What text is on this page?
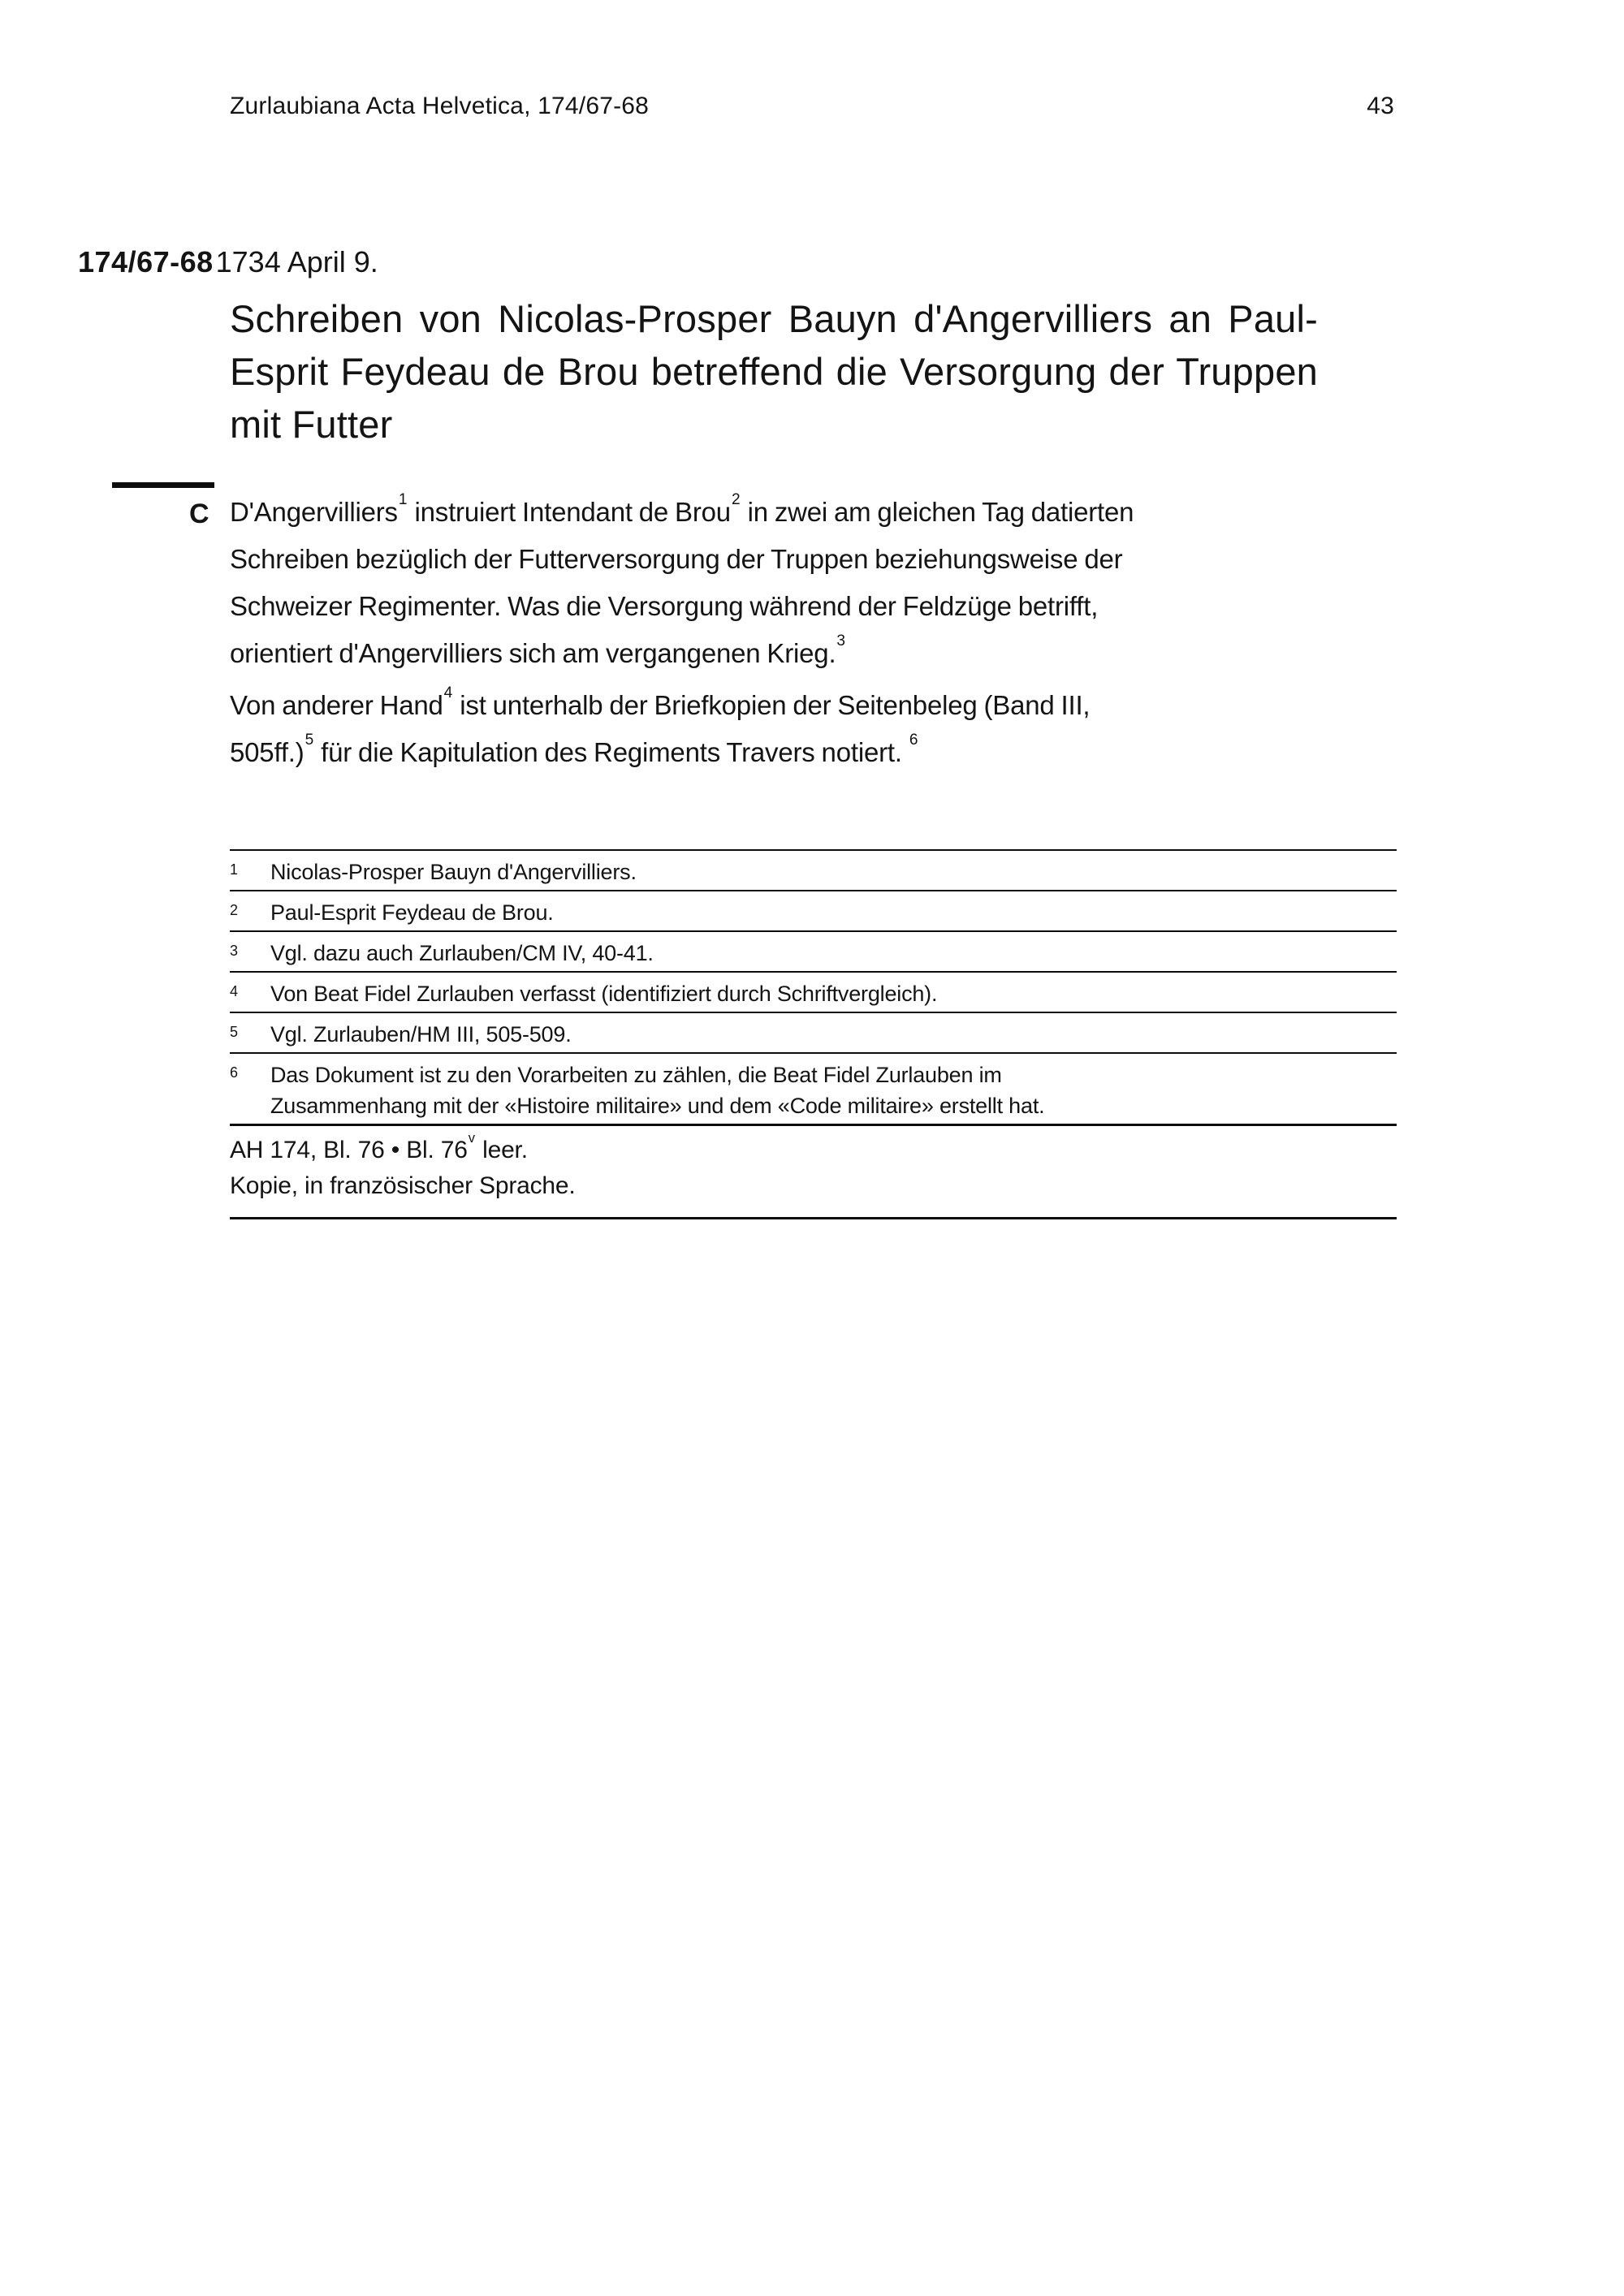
Zurlaubiana Acta Helvetica, 174/67-68	43
174/67-681734 April 9.
Schreiben von Nicolas-Prosper Bauyn d'Angervilliers an Paul-
Esprit Feydeau de Brou betreffend die Versorgung der Truppen
mit Futter
C D'Angervilliers$^1$ instruiert Intendant de Brou$^2$ in zwei am gleichen Tag datierten
Schreiben bezüglich der Futterversorgung der Truppen beziehungsweise der
Schweizer Regimenter. Was die Versorgung während der Feldzüge betrifft,
orientiert d'Angervilliers sich am vergangenen Krieg.$^3$
Von anderer Hand$^4$ ist unterhalb der Briefkopien der Seitenbeleg (Band III,
505ff.)$^5$ für die Kapitulation des Regiments Travers notiert. $^6$
1	Nicolas-Prosper Bauyn d'Angervilliers.
2	Paul-Esprit Feydeau de Brou.
3	Vgl. dazu auch Zurlauben/CM IV, 40-41.
4	Von Beat Fidel Zurlauben verfasst (identifiziert durch Schriftvergleich).
5	Vgl. Zurlauben/HM III, 505-509.
6	Das Dokument ist zu den Vorarbeiten zu zählen, die Beat Fidel Zurlauben im
Zusammenhang mit der «Histoire militaire» und dem «Code militaire» erstellt hat.
AH 174, Bl. 76 • Bl. 76$^v$ leer.
Kopie, in französischer Sprache.
